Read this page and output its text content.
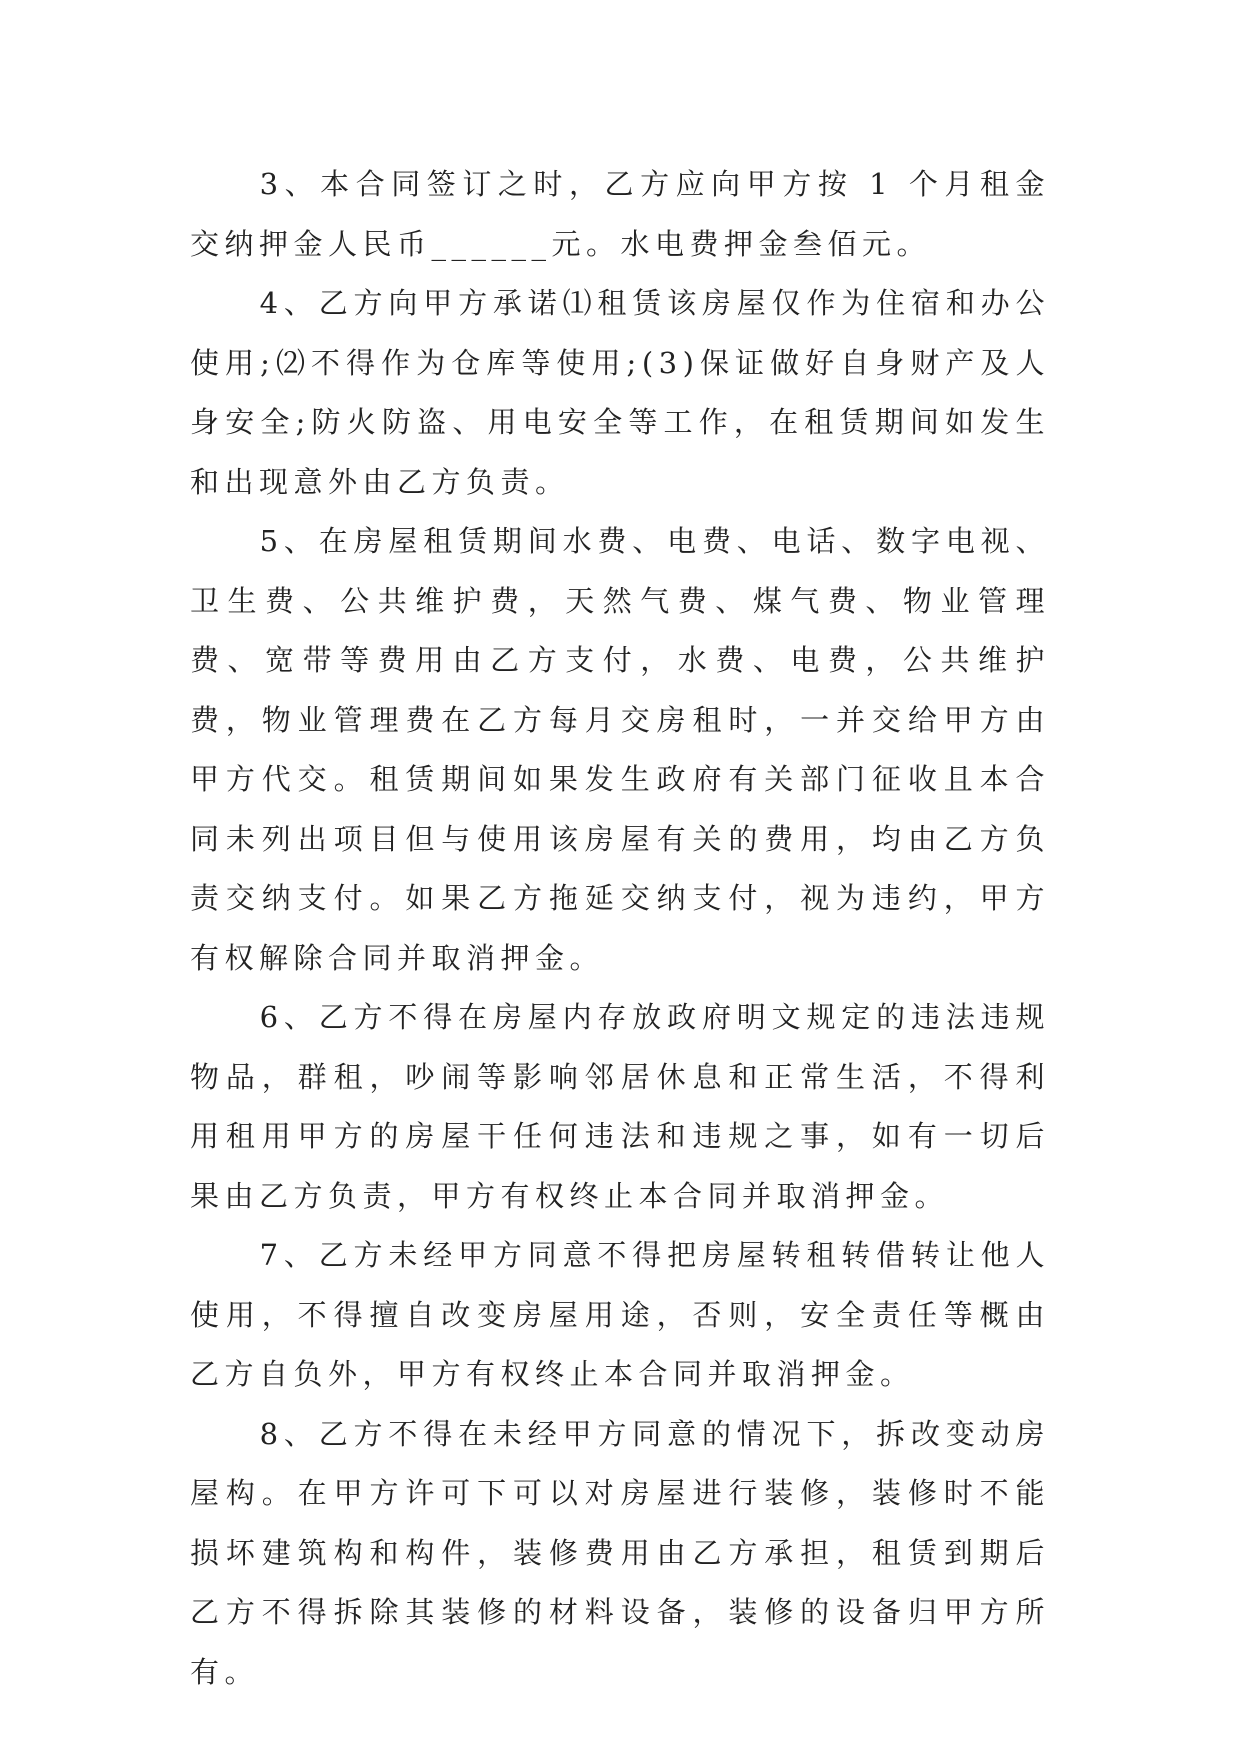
3、本合同签订之时，乙方应向甲方按 1 个月租金交纳押金人民币______元。水电费押金叁佰元。

4、乙方向甲方承诺⑴租赁该房屋仅作为住宿和办公使用;⑵不得作为仓库等使用;(3)保证做好自身财产及人身安全;防火防盗、用电安全等工作，在租赁期间如发生和出现意外由乙方负责。

5、在房屋租赁期间水费、电费、电话、数字电视、卫生费、公共维护费，天然气费、煤气费、物业管理费、宽带等费用由乙方支付，水费、电费，公共维护费，物业管理费在乙方每月交房租时，一并交给甲方由甲方代交。租赁期间如果发生政府有关部门征收且本合同未列出项目但与使用该房屋有关的费用，均由乙方负责交纳支付。如果乙方拖延交纳支付，视为违约，甲方有权解除合同并取消押金。

6、乙方不得在房屋内存放政府明文规定的违法违规物品，群租，吵闹等影响邻居休息和正常生活，不得利用租用甲方的房屋干任何违法和违规之事，如有一切后果由乙方负责，甲方有权终止本合同并取消押金。

7、乙方未经甲方同意不得把房屋转租转借转让他人使用，不得擅自改变房屋用途，否则，安全责任等概由乙方自负外，甲方有权终止本合同并取消押金。

8、乙方不得在未经甲方同意的情况下，拆改变动房屋构。在甲方许可下可以对房屋进行装修，装修时不能损坏建筑构和构件，装修费用由乙方承担，租赁到期后乙方不得拆除其装修的材料设备，装修的设备归甲方所有。
